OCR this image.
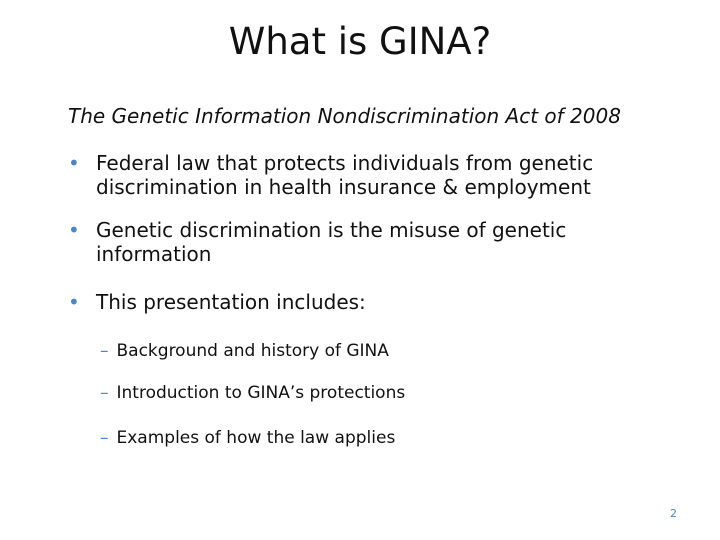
What is GINA?
The Genetic Information Nondiscrimination Act of 2008
• Federal law that protects individuals from genetic discrimination in health insurance & employment
• Genetic discrimination is the misuse of genetic information
• This presentation includes:
– Background and history of GINA
– Introduction to GINA’s protections
– Examples of how the law applies
2
